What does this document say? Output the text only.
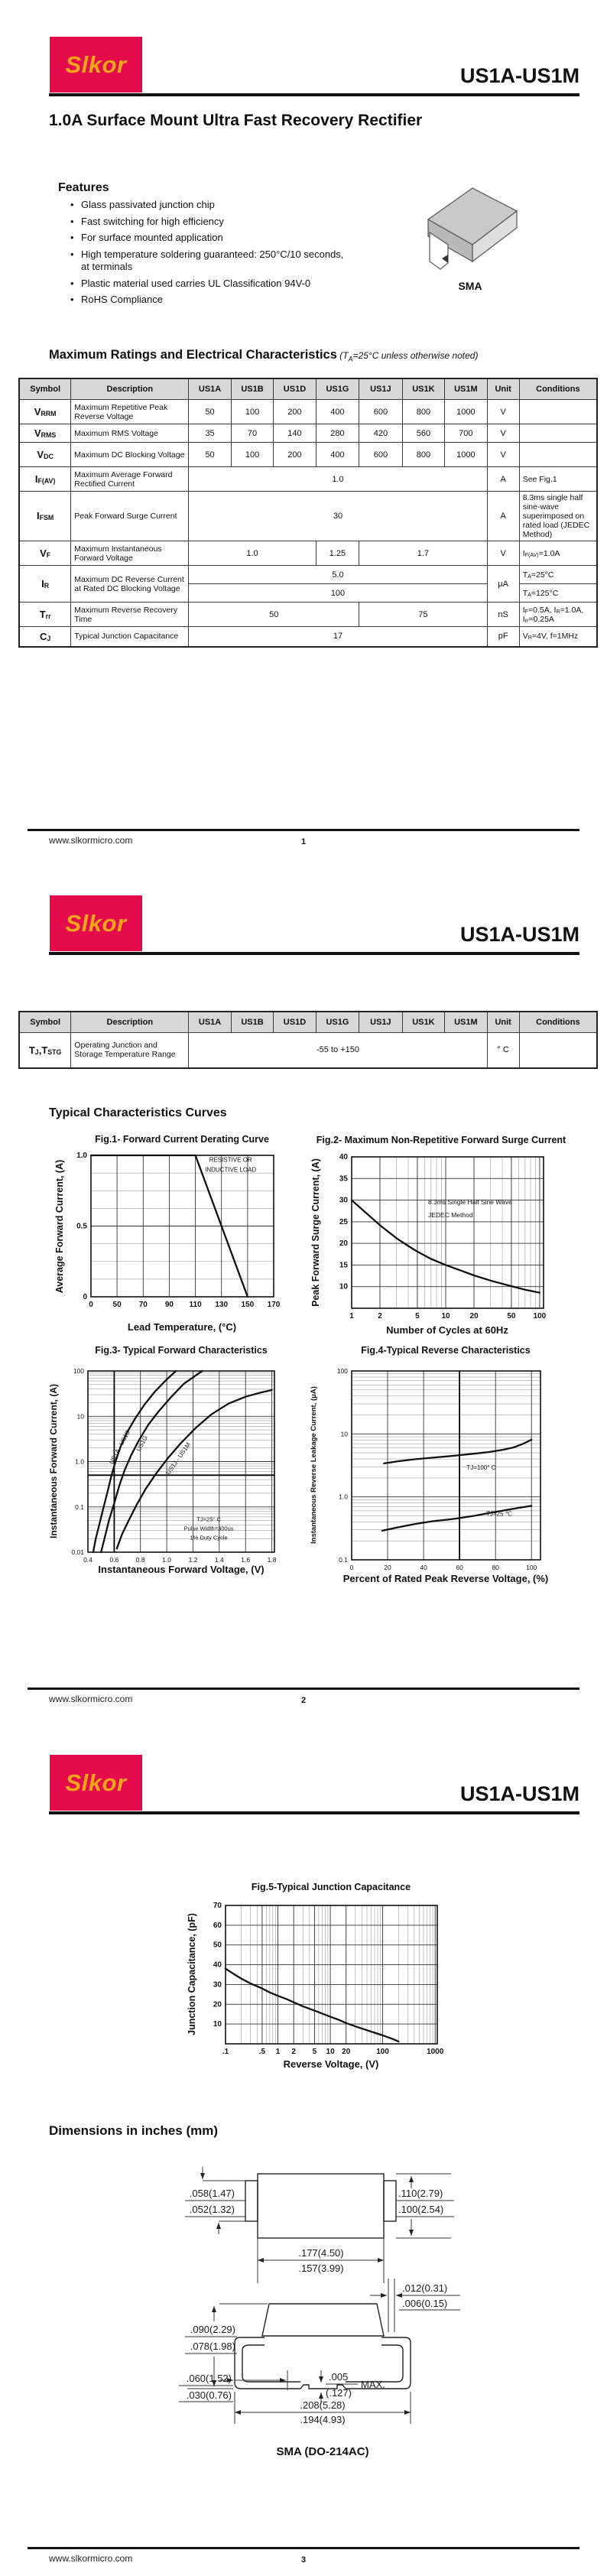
Slkor	US1A-US1M
1.0A Surface Mount Ultra Fast Recovery Rectifier
Features
• Glass passivated junction chip
• Fast switching for high efficiency
• For surface mounted application
• High temperature soldering guaranteed: 250°C/10 seconds,
at terminals
• Plastic material used carries UL Classification 94V-0
• RoHS Compliance
SMA
Maximum Ratings and Electrical Characteristics ($T_A=25^\circ C$ unless otherwise noted)
Symbol	Description	US1A	US1B	US1D	US1G	US1J	US1K	US1M	Unit	Conditions
VRRM	Maximum Repetitive Peak Reverse Voltage	50	100	200	400	600	800	1000	V	
VRMS	Maximum RMS Voltage	35	70	140	280	420	560	700	V	
VDC	Maximum DC Blocking Voltage	50	100	200	400	600	800	1000	V	
IF(AV)	Maximum Average Forward Rectified Current	1.0							A	See Fig.1
IFSM	Peak Forward Surge Current	30							A	8.3ms single half sine-wave superimposed on rated load (JEDEC Method)
VF	Maximum Instantaneous Forward Voltage	1.0			1.25	1.7			V	IF(AV)=1.0A
IR	Maximum DC Reverse Current at Rated DC Blocking Voltage	5.0							μA	TA=25°C
		100								TA=125°C
Trr	Maximum Reverse Recovery Time	50				75			nS	IF=0.5A, IR=1.0A, Irr=0.25A
CJ	Typical Junction Capacitance	17							pF	VR=4V, f=1MHz
www.slkormicro.com	1
Slkor	US1A-US1M
Symbol	Description	US1A	US1B	US1D	US1G	US1J	US1K	US1M	Unit	Conditions
TJ,TSTG	Operating Junction and Storage Temperature Range	-55 to +150							° C	
Typical Characteristics Curves
0	50 70 90 110 130 150 170
0
0.5
1.0	RESISTIVE OR
INDUCTIVE LOAD
Fig.1- Forward Current Derating Curve
Lead Temperature, (°C)
Average Forward Current, (A)
1	2	5	10	20	50 100
10
15
20
25
30
35
40
8.3ms Single Half Sine Wave
JEDEC Method
Fig.2- Maximum Non-Repetitive Forward Surge Current
Number of Cycles at 60Hz
Peak Forward Surge Current, (A)
0.4	0.6	0.8	1.0	1.2	1.4	1.6	1.8
0.01
0.1
1.0
10
100
US1A - US1D US1G	US1J - US1M
TJ=25° C
Pulse Width=300us
1% Duty Cycle
Fig.3- Typical Forward Characteristics
Instantaneous Forward Voltage, (V)
Instantaneous Forward Current, (A)
0	20	40	60	80	100
0.1
1.0
10
100
TJ=100° C
TJ=25 ℃
Fig.4-Typical Reverse Characteristics
Percent of Rated Peak Reverse Voltage, (%)
Instantaneous Reverse Leakage Current, (μA)
www.slkormicro.com	2
Slkor	US1A-US1M
.1	.5 1 2 5 10 20	100	1000
10
20
30
40
50
60
70
Fig.5-Typical Junction Capacitance
Reverse Voltage, (V)
Junction Capacitance, (pF)
Dimensions in inches (mm)
.058(1.47)
.052(1.32)
.110(2.79)
.100(2.54)
.177(4.50)
.157(3.99)
.012(0.31)
.006(0.15)
.090(2.29)
.078(1.98)
.060(1.52)
.030(0.76)
.005
(.127)
MAX.
.208(5.28)
.194(4.93)
SMA (DO-214AC)
www.slkormicro.com	3
